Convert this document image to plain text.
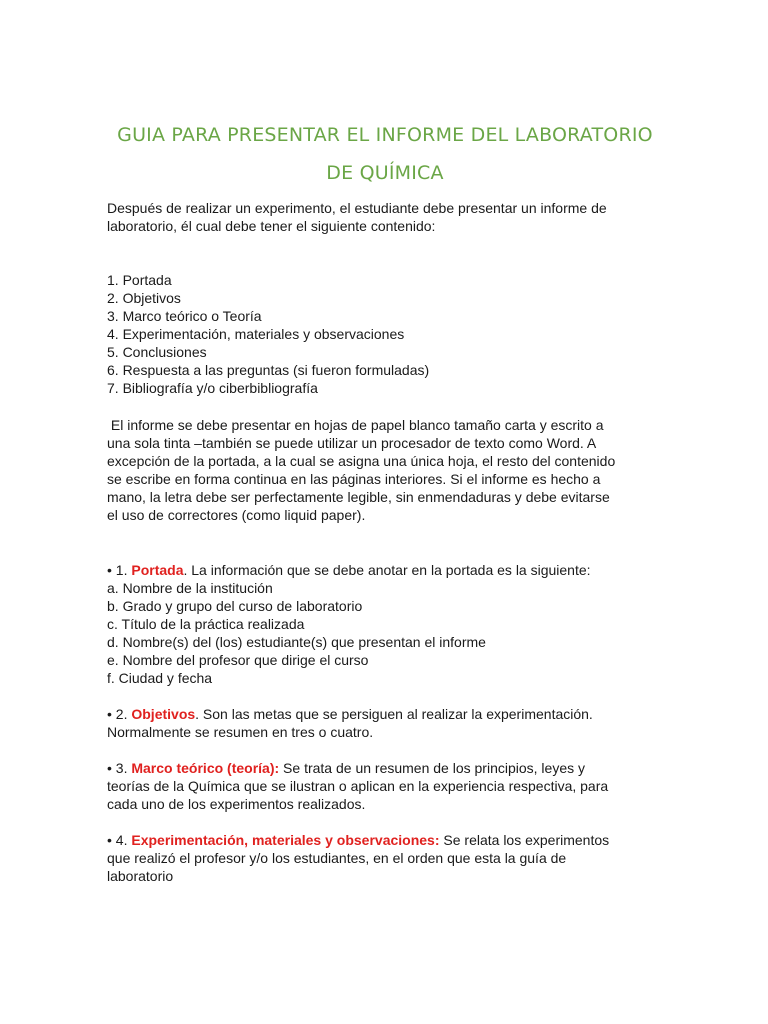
GUIA PARA PRESENTAR EL INFORME DEL LABORATORIO
DE QUÍMICA

Después de realizar un experimento, el estudiante debe presentar un informe de

laboratorio, él cual debe tener el siguiente contenido:

1. Portada

2. Objetivos

3. Marco teórico o Teoría

4. Experimentación, materiales y observaciones

5. Conclusiones

6. Respuesta a las preguntas (si fueron formuladas)

7. Bibliografía y/o ciberbibliografía

El informe se debe presentar en hojas de papel blanco tamaño carta y escrito a

una sola tinta –también se puede utilizar un procesador de texto como Word. A

excepción de la portada, a la cual se asigna una única hoja, el resto del contenido

se escribe en forma continua en las páginas interiores. Si el informe es hecho a

mano, la letra debe ser perfectamente legible, sin enmendaduras y debe evitarse

el uso de correctores (como liquid paper).

• 1. Portada. La información que se debe anotar en la portada es la siguiente:

a. Nombre de la institución

b. Grado y grupo del curso de laboratorio

c. Título de la práctica realizada

d. Nombre(s) del (los) estudiante(s) que presentan el informe

e. Nombre del profesor que dirige el curso

f. Ciudad y fecha

• 2. Objetivos. Son las metas que se persiguen al realizar la experimentación.

Normalmente se resumen en tres o cuatro.

• 3. Marco teórico (teoría): Se trata de un resumen de los principios, leyes y

teorías de la Química que se ilustran o aplican en la experiencia respectiva, para

cada uno de los experimentos realizados.

• 4. Experimentación, materiales y observaciones: Se relata los experimentos

que realizó el profesor y/o los estudiantes, en el orden que esta la guía de

laboratorio
